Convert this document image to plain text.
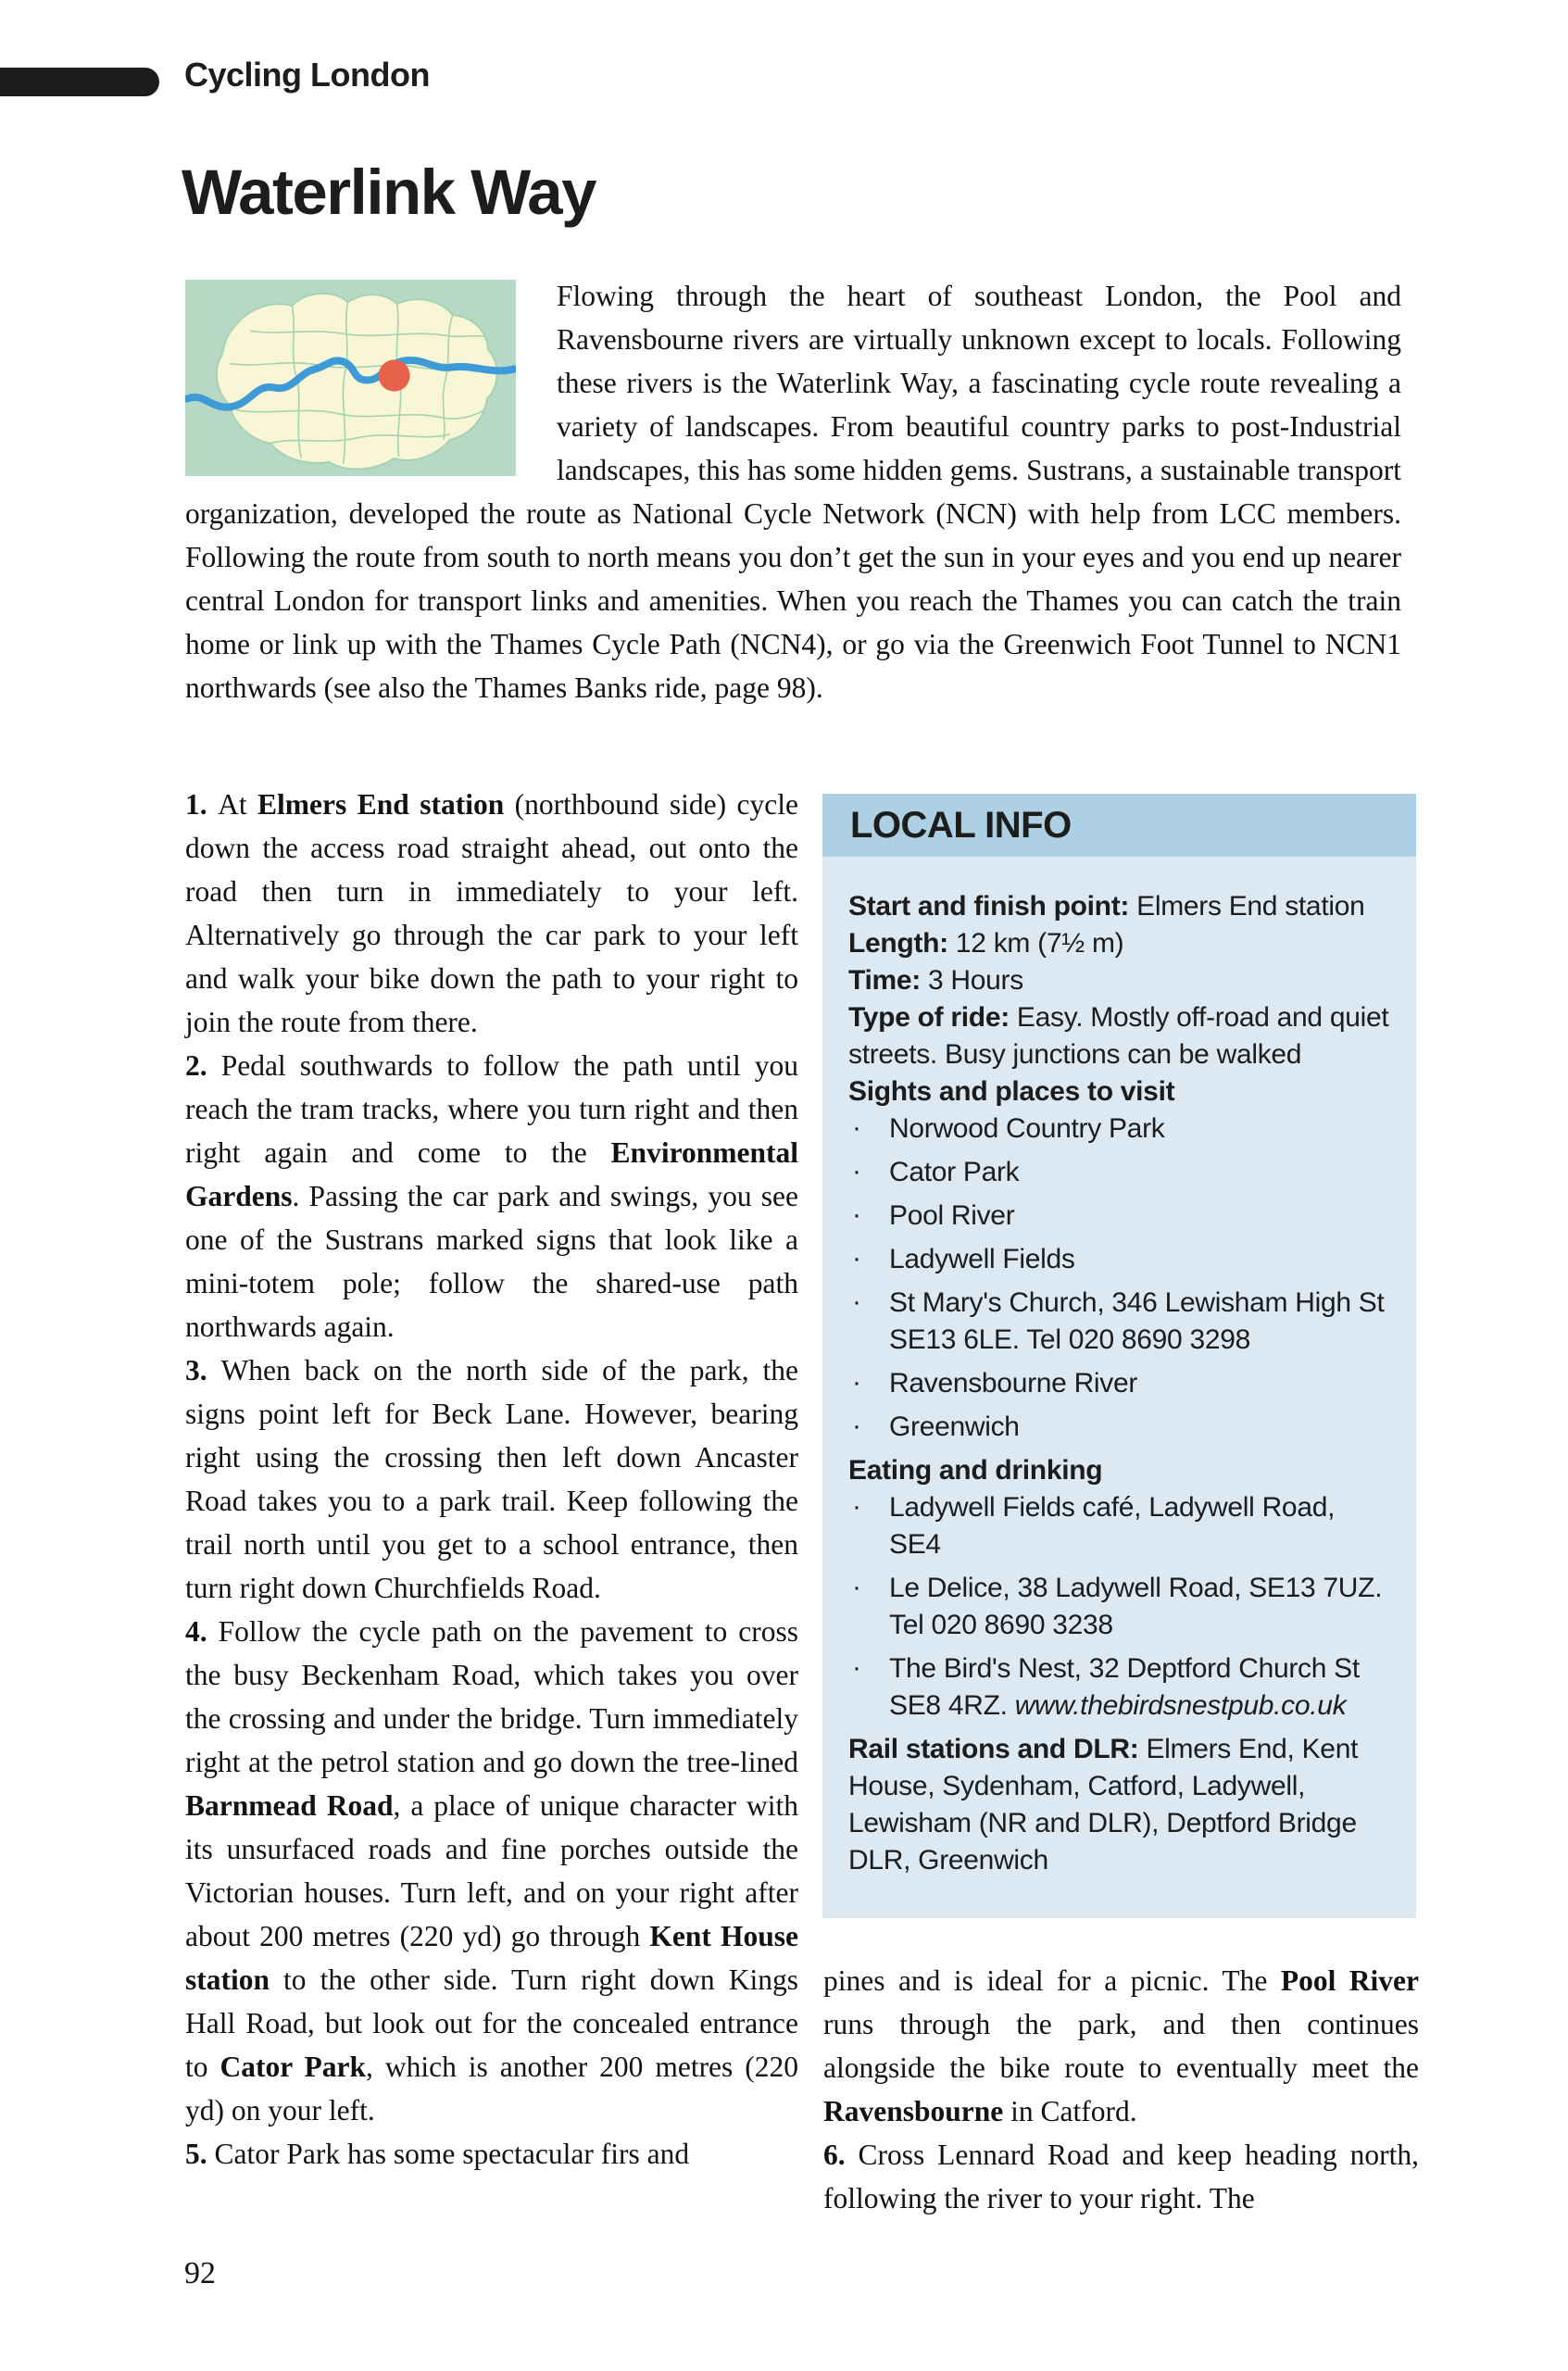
Cycling London
Waterlink Way

Flowing through the heart of southeast London, the Pool and Ravensbourne rivers are virtually unknown except to locals. Following these rivers is the Waterlink Way, a fascinating cycle route revealing a variety of landscapes. From beautiful country parks to post-Industrial landscapes, this has some hidden gems. Sustrans, a sustainable transport organization, developed the route as National Cycle Network (NCN) with help from LCC members. Following the route from south to north means you don’t get the sun in your eyes and you end up nearer central London for transport links and amenities. When you reach the Thames you can catch the train home or link up with the Thames Cycle Path (NCN4), or go via the Greenwich Foot Tunnel to NCN1 northwards (see also the Thames Banks ride, page 98).

1. At Elmers End station (northbound side) cycle down the access road straight ahead, out onto the road then turn in immediately to your left. Alternatively go through the car park to your left and walk your bike down the path to your right to join the route from there.

2. Pedal southwards to follow the path until you reach the tram tracks, where you turn right and then right again and come to the Environmental Gardens. Passing the car park and swings, you see one of the Sustrans marked signs that look like a mini-totem pole; follow the shared-use path northwards again.

3. When back on the north side of the park, the signs point left for Beck Lane. However, bearing right using the crossing then left down Ancaster Road takes you to a park trail. Keep following the trail north until you get to a school entrance, then turn right down Churchfields Road.

4. Follow the cycle path on the pavement to cross the busy Beckenham Road, which takes you over the crossing and under the bridge. Turn immediately right at the petrol station and go down the tree-lined Barnmead Road, a place of unique character with its unsurfaced roads and fine porches outside the Victorian houses. Turn left, and on your right after about 200 metres (220 yd) go through Kent House station to the other side. Turn right down Kings Hall Road, but look out for the concealed entrance to Cator Park, which is another 200 metres (220 yd) on your left.

5. Cator Park has some spectacular firs and

LOCAL INFO

Start and finish point: Elmers End station

Length: 12 km (7½ m)

Time: 3 Hours

Type of ride: Easy. Mostly off-road and quiet streets. Busy junctions can be walked

Sights and places to visit

· Norwood Country Park
· Cator Park
· Pool River
· Ladywell Fields
· St Mary's Church, 346 Lewisham High St SE13 6LE. Tel 020 8690 3298
· Ravensbourne River
· Greenwich

Eating and drinking

· Ladywell Fields café, Ladywell Road, SE4
· Le Delice, 38 Ladywell Road, SE13 7UZ. Tel 020 8690 3238
· The Bird's Nest, 32 Deptford Church St SE8 4RZ. www.thebirdsnestpub.co.uk

Rail stations and DLR: Elmers End, Kent House, Sydenham, Catford, Ladywell, Lewisham (NR and DLR), Deptford Bridge DLR, Greenwich

pines and is ideal for a picnic. The Pool River runs through the park, and then continues alongside the bike route to eventually meet the Ravensbourne in Catford.

6. Cross Lennard Road and keep heading north, following the river to your right. The

92
